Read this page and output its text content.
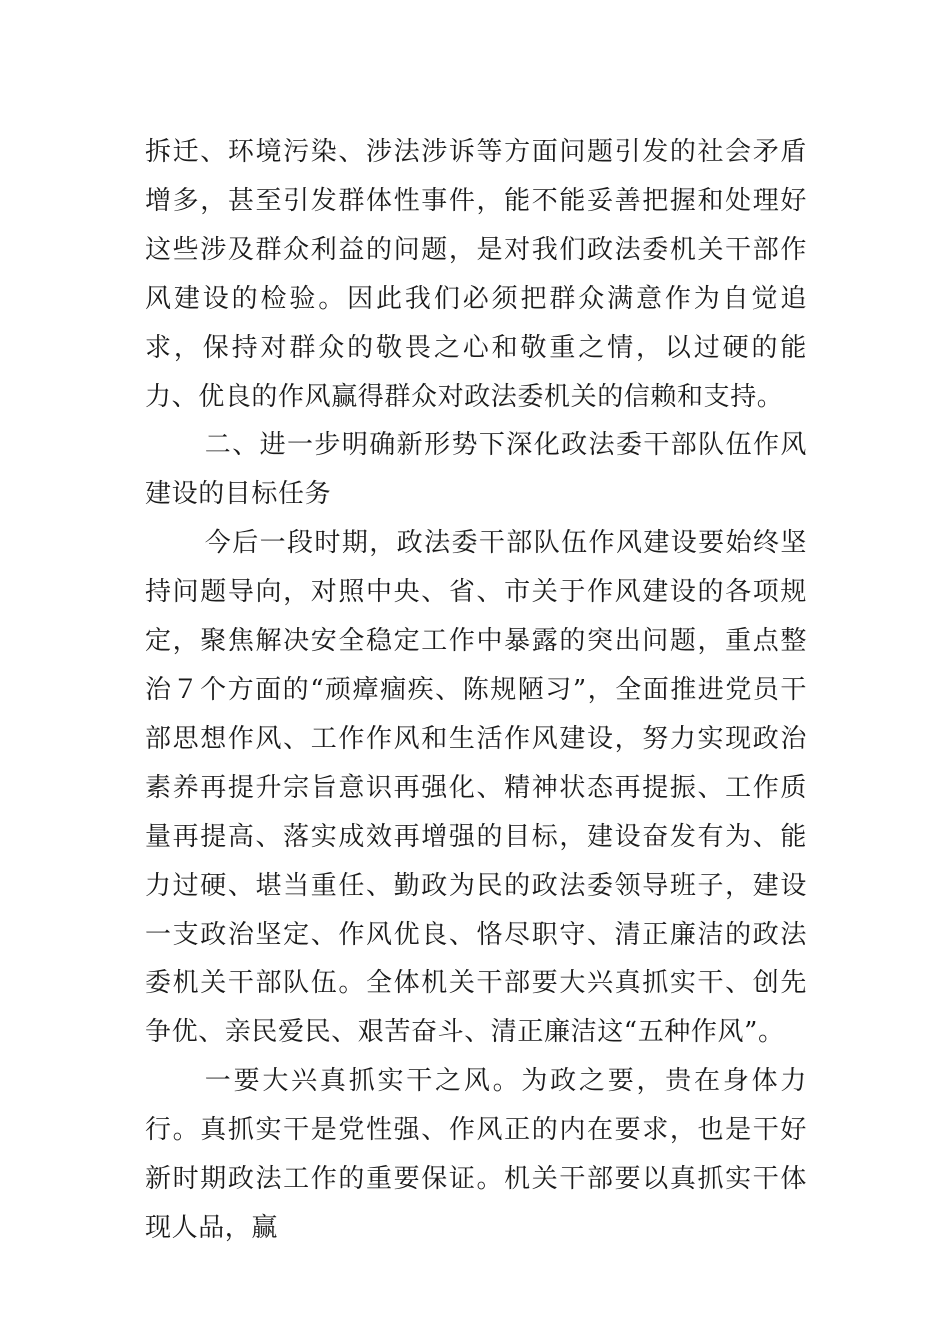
拆迁、环境污染、涉法涉诉等方面问题引发的社会矛盾增多，甚至引发群体性事件，能不能妥善把握和处理好这些涉及群众利益的问题，是对我们政法委机关干部作风建设的检验。因此我们必须把群众满意作为自觉追求，保持对群众的敬畏之心和敬重之情，以过硬的能力、优良的作风赢得群众对政法委机关的信赖和支持。

二、进一步明确新形势下深化政法委干部队伍作风建设的目标任务

今后一段时期，政法委干部队伍作风建设要始终坚持问题导向，对照中央、省、市关于作风建设的各项规定，聚焦解决安全稳定工作中暴露的突出问题，重点整治７个方面的“顽瘴痼疾、陈规陋习”，全面推进党员干部思想作风、工作作风和生活作风建设，努力实现政治素养再提升宗旨意识再强化、精神状态再提振、工作质量再提高、落实成效再增强的目标，建设奋发有为、能力过硬、堪当重任、勤政为民的政法委领导班子，建设一支政治坚定、作风优良、恪尽职守、清正廉洁的政法委机关干部队伍。全体机关干部要大兴真抓实干、创先争优、亲民爱民、艰苦奋斗、清正廉洁这“五种作风”。

一要大兴真抓实干之风。为政之要，贵在身体力行。真抓实干是党性强、作风正的内在要求，也是干好新时期政法工作的重要保证。机关干部要以真抓实干体现人品，赢
